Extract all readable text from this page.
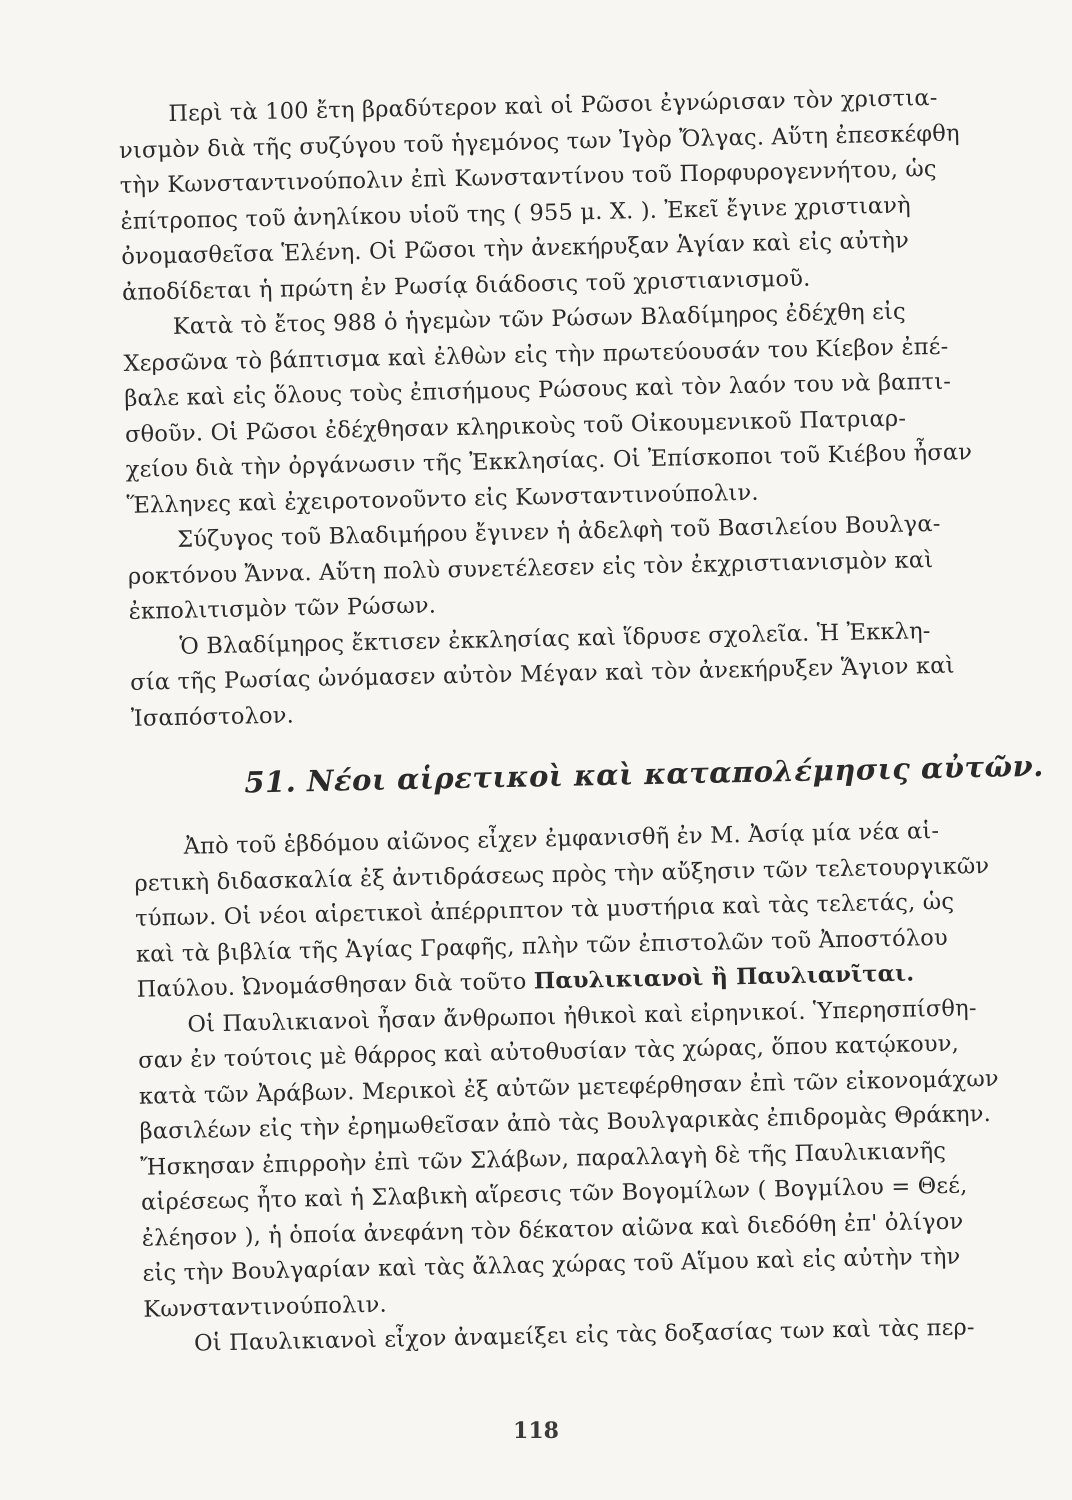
Περὶ τὰ 100 ἔτη βραδύτερον καὶ οἱ Ρῶσοι ἐγνώρισαν τὸν χριστια-
νισμὸν διὰ τῆς συζύγου τοῦ ἡγεμόνος των Ἰγὸρ Ὄλγας. Αὕτη ἐπεσκέφθη
τὴν Κωνσταντινούπολιν ἐπὶ Κωνσταντίνου τοῦ Πορφυρογεννήτου, ὡς
ἐπίτροπος τοῦ ἀνηλίκου υἱοῦ της ( 955 μ. Χ. ). Ἐκεῖ ἔγινε χριστιανὴ
ὀνομασθεῖσα Ἑλένη. Οἱ Ρῶσοι τὴν ἀνεκήρυξαν Ἁγίαν καὶ εἰς αὐτὴν
ἀποδίδεται ἡ πρώτη ἐν Ρωσίᾳ διάδοσις τοῦ χριστιανισμοῦ.
Κατὰ τὸ ἔτος 988 ὁ ἡγεμὼν τῶν Ρώσων Βλαδίμηρος ἐδέχθη εἰς
Χερσῶνα τὸ βάπτισμα καὶ ἐλθὼν εἰς τὴν πρωτεύουσάν του Κίεβον ἐπέ-
βαλε καὶ εἰς ὅλους τοὺς ἐπισήμους Ρώσους καὶ τὸν λαόν του νὰ βαπτι-
σθοῦν. Οἱ Ρῶσοι ἐδέχθησαν κληρικοὺς τοῦ Οἰκουμενικοῦ Πατριαρ-
χείου διὰ τὴν ὀργάνωσιν τῆς Ἐκκλησίας. Οἱ Ἐπίσκοποι τοῦ Κιέβου ἦσαν
Ἕλληνες καὶ ἐχειροτονοῦντο εἰς Κωνσταντινούπολιν.
Σύζυγος τοῦ Βλαδιμήρου ἔγινεν ἡ ἀδελφὴ τοῦ Βασιλείου Βουλγα-
ροκτόνου Ἄννα. Αὕτη πολὺ συνετέλεσεν εἰς τὸν ἐκχριστιανισμὸν καὶ
ἐκπολιτισμὸν τῶν Ρώσων.
Ὁ Βλαδίμηρος ἔκτισεν ἐκκλησίας καὶ ἵδρυσε σχολεῖα. Ἡ Ἐκκλη-
σία τῆς Ρωσίας ὠνόμασεν αὐτὸν Μέγαν καὶ τὸν ἀνεκήρυξεν Ἅγιον καὶ
Ἰσαπόστολον.
51. Νέοι αἱρετικοὶ καὶ καταπολέμησις αὐτῶν.
Ἀπὸ τοῦ ἑβδόμου αἰῶνος εἶχεν ἐμφανισθῆ ἐν Μ. Ἀσίᾳ μία νέα αἱ-
ρετικὴ διδασκαλία ἐξ ἀντιδράσεως πρὸς τὴν αὔξησιν τῶν τελετουργικῶν
τύπων. Οἱ νέοι αἱρετικοὶ ἀπέρριπτον τὰ μυστήρια καὶ τὰς τελετάς, ὡς
καὶ τὰ βιβλία τῆς Ἁγίας Γραφῆς, πλὴν τῶν ἐπιστολῶν τοῦ Ἀποστόλου
Παύλου. Ὠνομάσθησαν διὰ τοῦτο Παυλικιανοὶ ἢ Παυλιανῖται.
Οἱ Παυλικιανοὶ ἦσαν ἄνθρωποι ἠθικοὶ καὶ εἰρηνικοί. Ὑπερησπίσθη-
σαν ἐν τούτοις μὲ θάρρος καὶ αὐτοθυσίαν τὰς χώρας, ὅπου κατῴκουν,
κατὰ τῶν Ἀράβων. Μερικοὶ ἐξ αὐτῶν μετεφέρθησαν ἐπὶ τῶν εἰκονομάχων
βασιλέων εἰς τὴν ἐρημωθεῖσαν ἀπὸ τὰς Βουλγαρικὰς ἐπιδρομὰς Θράκην.
Ἤσκησαν ἐπιρροὴν ἐπὶ τῶν Σλάβων, παραλλαγὴ δὲ τῆς Παυλικιανῆς
αἱρέσεως ἦτο καὶ ἡ Σλαβικὴ αἵρεσις τῶν Βογομίλων ( Βογμίλου = Θεέ,
ἐλέησον ), ἡ ὁποία ἀνεφάνη τὸν δέκατον αἰῶνα καὶ διεδόθη ἐπ' ὀλίγον
εἰς τὴν Βουλγαρίαν καὶ τὰς ἄλλας χώρας τοῦ Αἵμου καὶ εἰς αὐτὴν τὴν
Κωνσταντινούπολιν.
Οἱ Παυλικιανοὶ εἶχον ἀναμείξει εἰς τὰς δοξασίας των καὶ τὰς περ-
118
